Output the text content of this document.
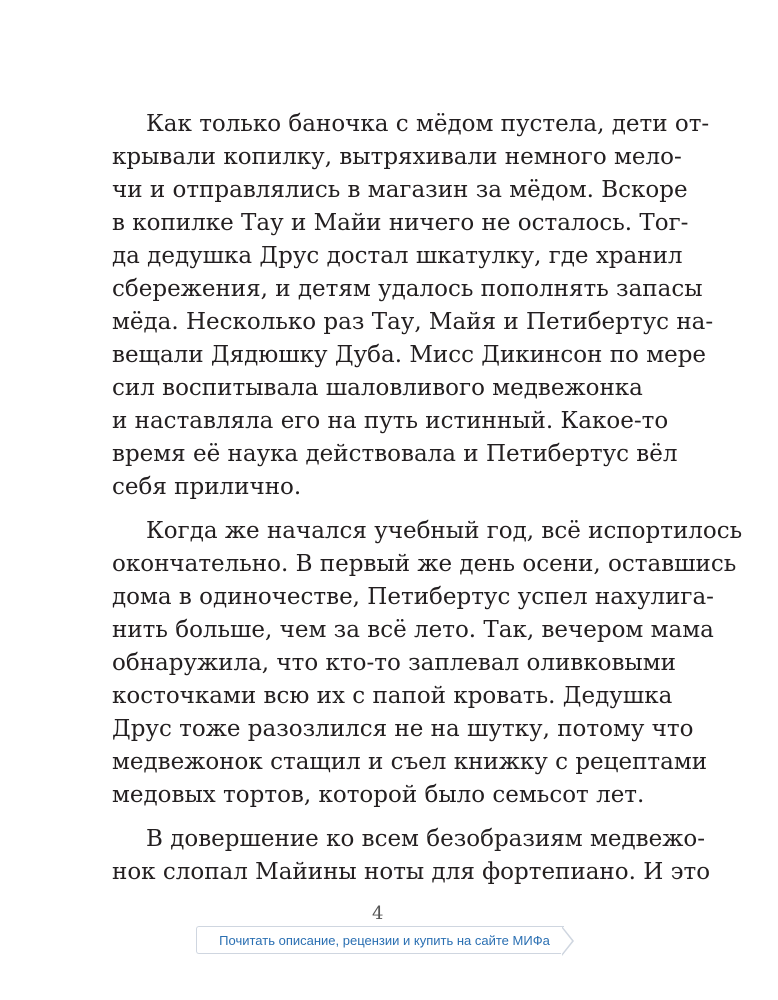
Как только баночка с мёдом пустела, дети от-
крывали копилку, вытряхивали немного мело-
чи и отправлялись в магазин за мёдом. Вскоре
в копилке Тау и Майи ничего не осталось. Тог-
да дедушка Друс достал шкатулку, где хранил
сбережения, и детям удалось пополнять запасы
мёда. Несколько раз Тау, Майя и Петибертус на-
вещали Дядюшку Дуба. Мисс Дикинсон по мере
сил воспитывала шаловливого медвежонка
и наставляла его на путь истинный. Какое-то
время её наука действовала и Петибертус вёл
себя прилично.
Когда же начался учебный год, всё испортилось
окончательно. В первый же день осени, оставшись
дома в одиночестве, Петибертус успел нахулига-
нить больше, чем за всё лето. Так, вечером мама
обнаружила, что кто-то заплевал оливковыми
косточками всю их с папой кровать. Дедушка
Друс тоже разозлился не на шутку, потому что
медвежонок стащил и съел книжку с рецептами
медовых тортов, которой было семьсот лет.
В довершение ко всем безобразиям медвежо-
нок слопал Майины ноты для фортепиано. И это
4
Почитать описание, рецензии и купить на сайте МИФа
